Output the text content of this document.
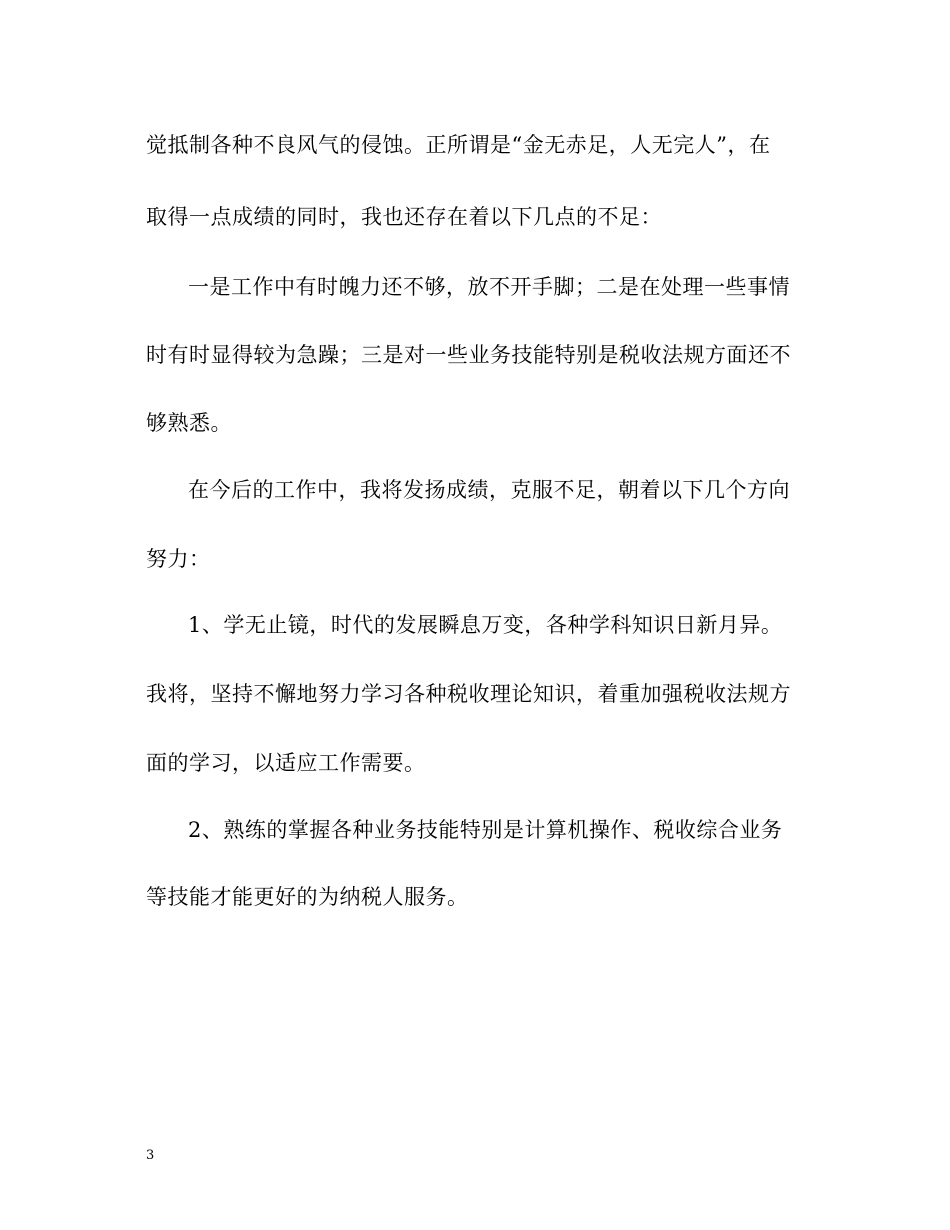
觉抵制各种不良风气的侵蚀。正所谓是“金无赤足，人无完人”，在
取得一点成绩的同时，我也还存在着以下几点的不足：
一是工作中有时魄力还不够，放不开手脚；二是在处理一些事情
时有时显得较为急躁；三是对一些业务技能特别是税收法规方面还不
够熟悉。
在今后的工作中，我将发扬成绩，克服不足，朝着以下几个方向
努力：
1、学无止镜，时代的发展瞬息万变，各种学科知识日新月异。
我将，坚持不懈地努力学习各种税收理论知识，着重加强税收法规方
面的学习，以适应工作需要。
2、熟练的掌握各种业务技能特别是计算机操作、税收综合业务
等技能才能更好的为纳税人服务。
3
